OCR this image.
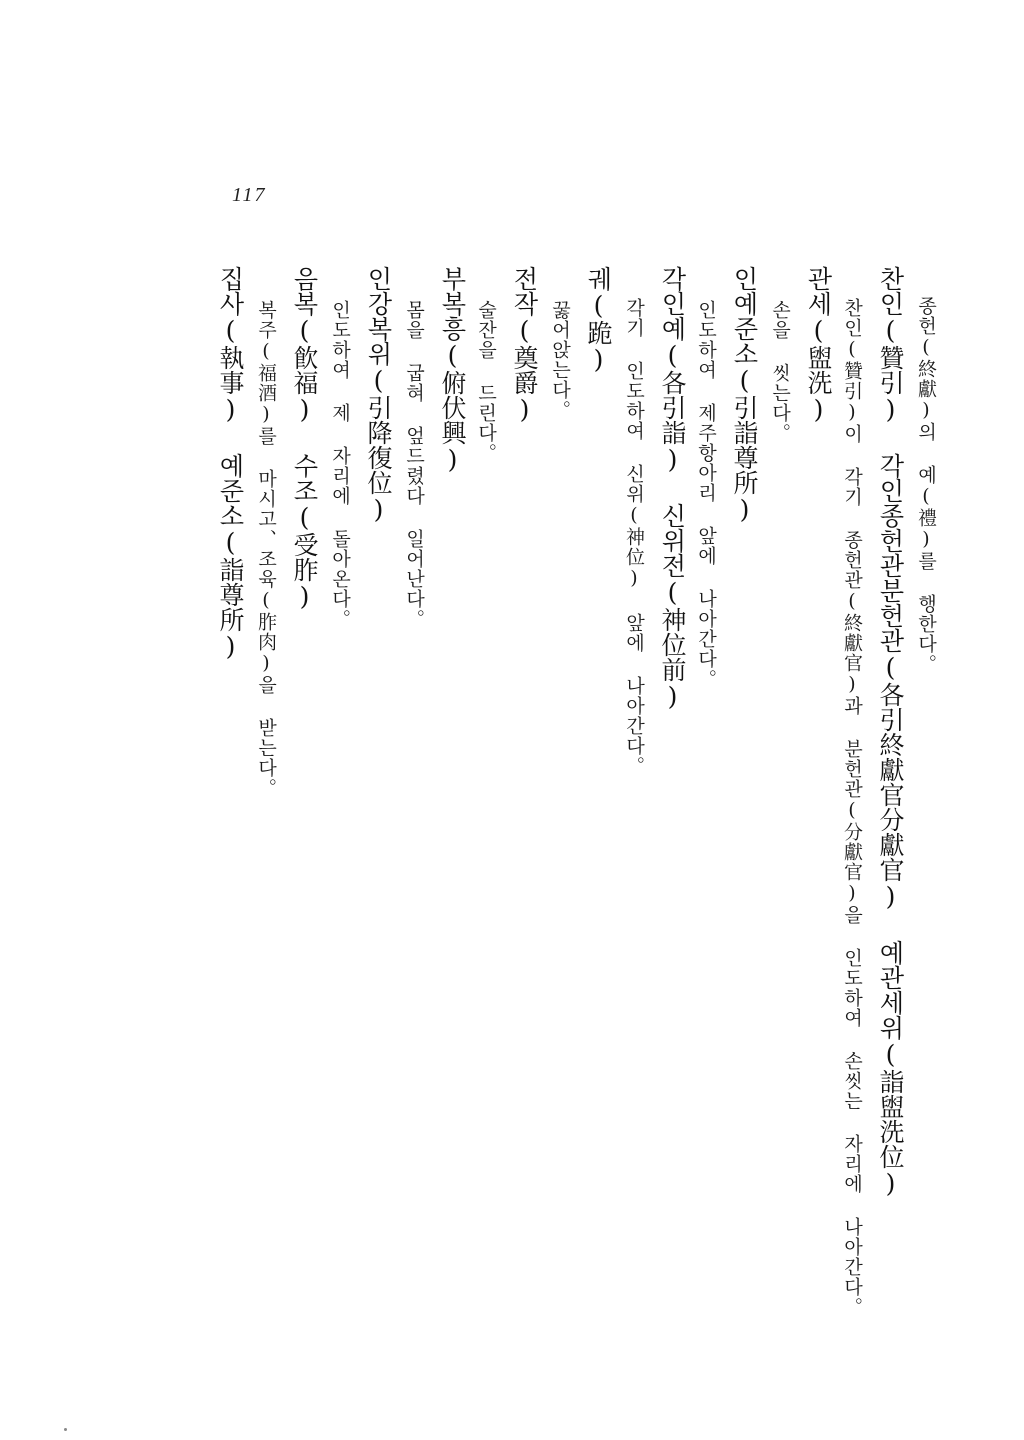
117
종헌(終獻)의 예(禮)를 행한다。
찬인(贊引) 각인종헌관분헌관(各引終獻官分獻官) 예관세위(詣盥洗位)
찬인(贊引)이 각기 종헌관(終獻官)과 분헌관(分獻官)을 인도하여 손씻는 자리에 나아간다。
관세(盥洗)
손을 씻는다。
인예준소(引詣尊所)
인도하여 제주항아리 앞에 나아간다。
각인예(各引詣) 신위전(神位前)
각기 인도하여 신위(神位) 앞에 나아간다。
궤(跪)
꿇어앉는다。
전작(奠爵)
술잔을 드린다。
부복흥(俯伏興)
몸을 굽혀 엎드렸다 일어난다。
인강복위(引降復位)
인도하여 제 자리에 돌아온다。
음복(飮福) 수조(受胙)
복주(福酒)를 마시고、조육(胙肉)을 받는다。
집사(執事) 예준소(詣尊所)
